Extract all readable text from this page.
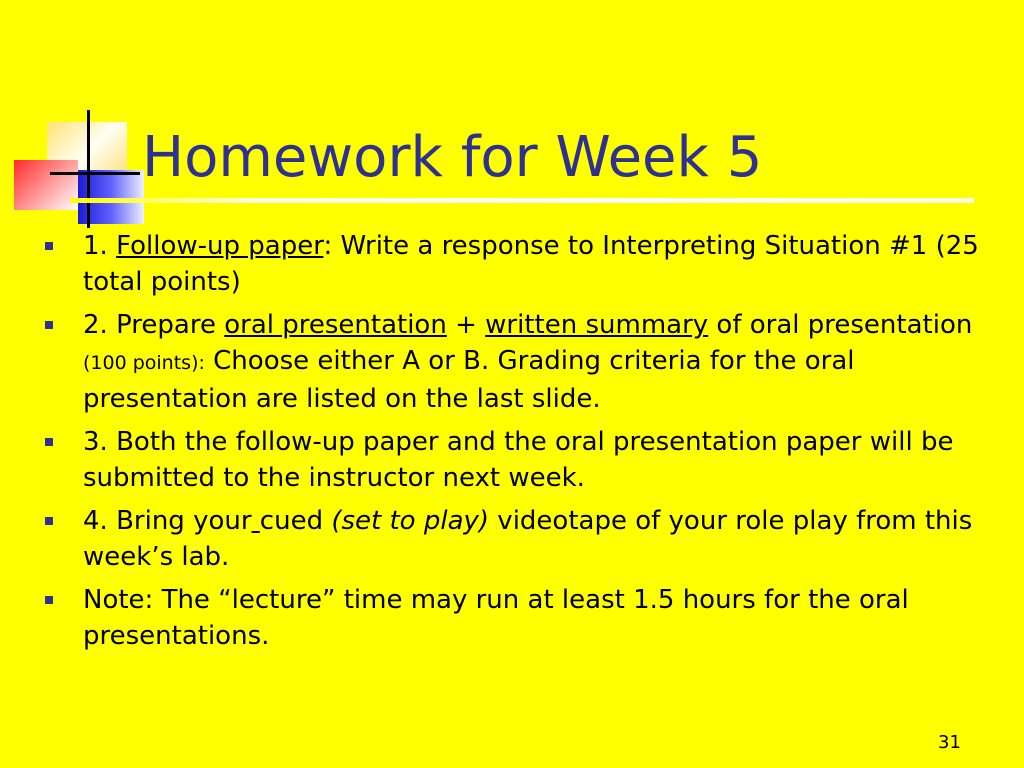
Homework for Week 5
1. Follow-up paper: Write a response to Interpreting Situation #1 (25 total points)
2. Prepare oral presentation + written summary of oral presentation (100 points): Choose either A or B. Grading criteria for the oral presentation are listed on the last slide.
3. Both the follow-up paper and the oral presentation paper will be submitted to the instructor next week.
4. Bring your cued (set to play) videotape of your role play from this week’s lab.
Note: The “lecture” time may run at least 1.5 hours for the oral presentations.
31
